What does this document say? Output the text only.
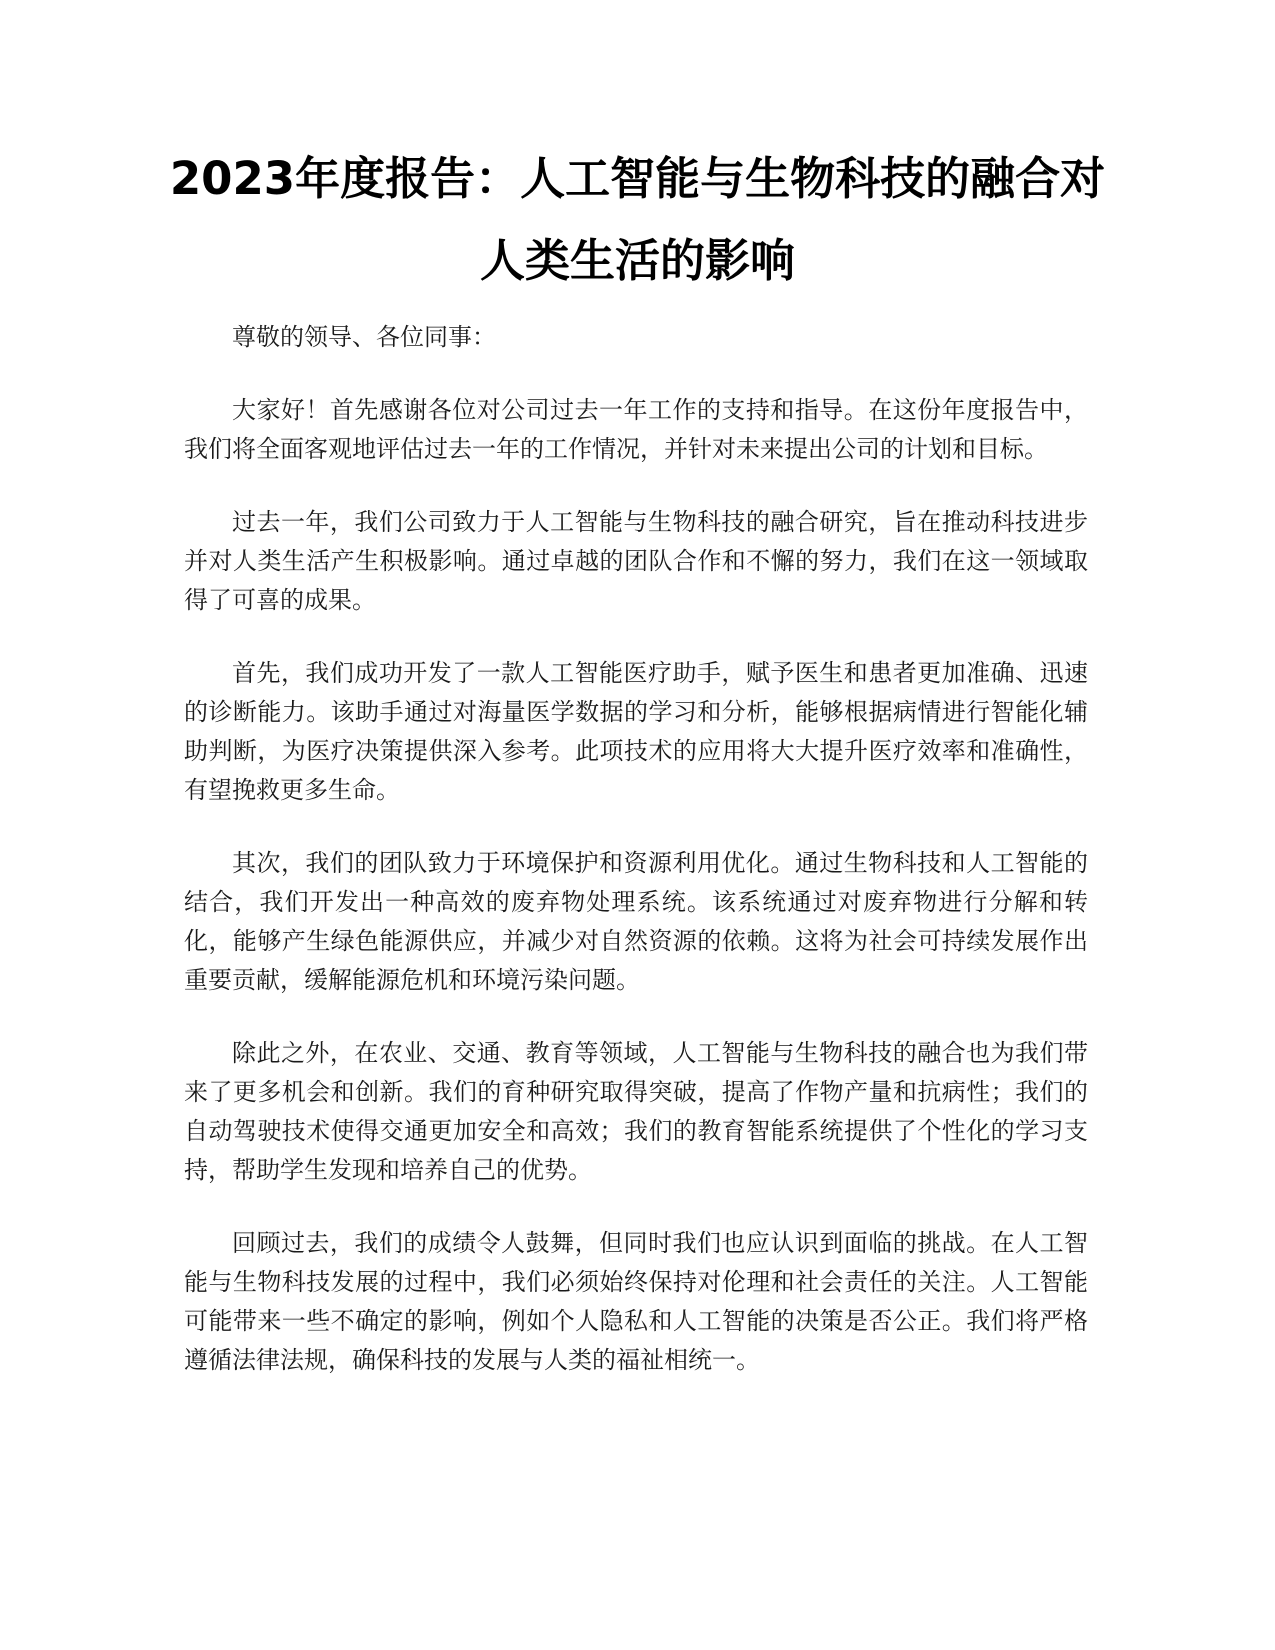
2023年度报告：人工智能与生物科技的融合对人类生活的影响

尊敬的领导、各位同事：

大家好！首先感谢各位对公司过去一年工作的支持和指导。在这份年度报告中，我们将全面客观地评估过去一年的工作情况，并针对未来提出公司的计划和目标。

过去一年，我们公司致力于人工智能与生物科技的融合研究，旨在推动科技进步并对人类生活产生积极影响。通过卓越的团队合作和不懈的努力，我们在这一领域取得了可喜的成果。

首先，我们成功开发了一款人工智能医疗助手，赋予医生和患者更加准确、迅速的诊断能力。该助手通过对海量医学数据的学习和分析，能够根据病情进行智能化辅助判断，为医疗决策提供深入参考。此项技术的应用将大大提升医疗效率和准确性，有望挽救更多生命。

其次，我们的团队致力于环境保护和资源利用优化。通过生物科技和人工智能的结合，我们开发出一种高效的废弃物处理系统。该系统通过对废弃物进行分解和转化，能够产生绿色能源供应，并减少对自然资源的依赖。这将为社会可持续发展作出重要贡献，缓解能源危机和环境污染问题。

除此之外，在农业、交通、教育等领域，人工智能与生物科技的融合也为我们带来了更多机会和创新。我们的育种研究取得突破，提高了作物产量和抗病性；我们的自动驾驶技术使得交通更加安全和高效；我们的教育智能系统提供了个性化的学习支持，帮助学生发现和培养自己的优势。

回顾过去，我们的成绩令人鼓舞，但同时我们也应认识到面临的挑战。在人工智能与生物科技发展的过程中，我们必须始终保持对伦理和社会责任的关注。人工智能可能带来一些不确定的影响，例如个人隐私和人工智能的决策是否公正。我们将严格遵循法律法规，确保科技的发展与人类的福祉相统一。
